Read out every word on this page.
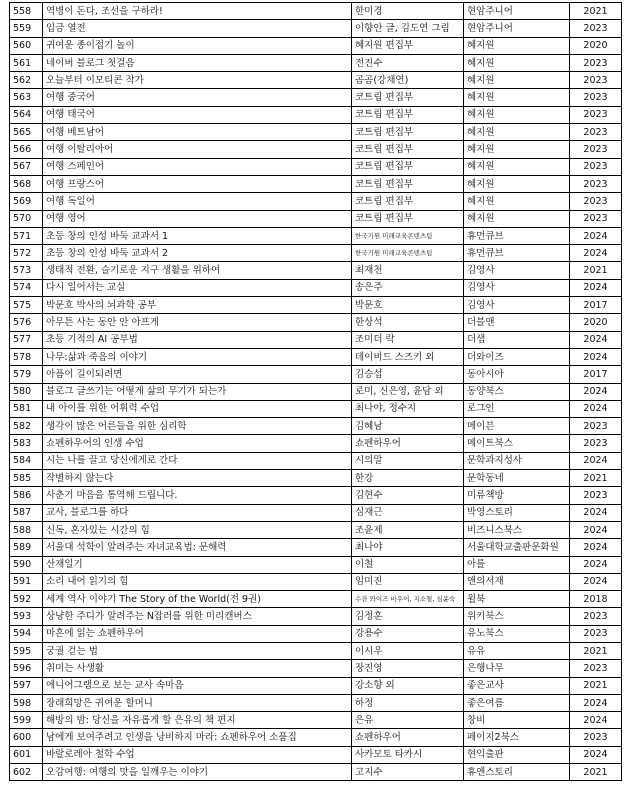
558	역병이 돈다, 조선을 구하라!	한미경	현암주니어	2021
559	입금 열전	이향안 글, 김도연 그림	현암주니어	2023
560	귀여운 종이접기 놀이	혜지원 편집부	혜지원	2020
561	네이버 블로그 첫걸음	전진수	혜지원	2023
562	오늘부터 이모티콘 작가	곰곰(강채연)	혜지원	2023
563	여행 중국어	코트립 편집부	혜지원	2023
564	여행 태국어	코트립 편집부	혜지원	2023
565	여행 베트남어	코트립 편집부	혜지원	2023
566	여행 이탈리아어	코트립 편집부	혜지원	2023
567	여행 스페인어	코트립 편집부	혜지원	2023
568	여행 프랑스어	코트립 편집부	혜지원	2023
569	여행 독일어	코트립 편집부	혜지원	2023
570	여행 영어	코트립 편집부	혜지원	2023
571	초등 창의 인성 바둑 교과서 1	한국기원 미래교육콘텐츠팀	휴먼큐브	2024
572	초등 창의 인성 바둑 교과서 2	한국기원 미래교육콘텐츠팀	휴먼큐브	2024
573	생태적 전환, 슬기로운 지구 생활을 위하여	최재천	김영사	2021
574	다시 일어서는 교실	송은주	김영사	2024
575	박문호 박사의 뇌과학 공부	박문호	김영사	2017
576	아무튼 사는 동안 안 아프게	한상석	더블앤	2020
577	초등 기적의 AI 공부법	조미더 락	더샘	2024
578	나무:삶과 죽음의 이야기	데이비드 스즈키 외	더와이즈	2024
579	아픔이 길이되려면	김승섭	동아시아	2017
580	블로그 글쓰기는 어떻게 삶의 무기가 되는가	로미, 신은영, 윤담 외	동양북스	2024
581	내 아이를 위한 어휘력 수업	최나야, 정수지	로그인	2024
582	생각이 많은 어른들을 위한 심리학	김혜남	메이븐	2023
583	쇼펜하우어의 인생 수업	쇼펜하우어	메이트북스	2023
584	시는 나를 끌고 당신에게로 간다	시의말	문학과지성사	2024
585	작별하지 않는다	한강	문학동네	2021
586	사춘기 마음을 통역해 드립니다.	김현수	미류책방	2023
587	교사, 블로그를 하다	심재근	박영스토리	2024
588	신독, 혼자있는 시간의 힘	조윤제	비즈니스북스	2024
589	서울대 석학이 알려주는 자녀교육법: 문해력	최나야	서울대학교출판문화원	2024
590	산재일기	이철	아를	2024
591	소리 내어 읽기의 힘	임미진	앤의서재	2024
592	세계 역사 이야기 The Story of the World(전 9권)	수잔 와이즈 바우어, 지소철, 심윤숙	윌북	2018
593	상냥한 주디가 알려주는 N잡러를 위한 미리캔버스	김정훈	위키북스	2023
594	마흔에 읽는 쇼펜하우어	강용수	유노북스	2023
595	궁궐 걷는 법	이시우	유유	2021
596	취미는 사생활	장진영	은행나무	2023
597	에니어그램으로 보는 교사 속마음	강소향 외	좋은교사	2021
598	장래희망은 귀여운 할머니	하정	좋은여름	2024
599	해방의 밤: 당신을 자유롭게 할 은유의 책 편지	은유	창비	2024
600	남에게 보여주려고 인생을 낭비하지 마라: 쇼펜하우어 소품집	쇼펜하우어	페이지2북스	2023
601	바랄로레아 철학 수업	사카모토 타카시	현익출판	2024
602	오감여행: 여행의 맛을 일깨우는 이야기	고지수	휴앤스토리	2021
